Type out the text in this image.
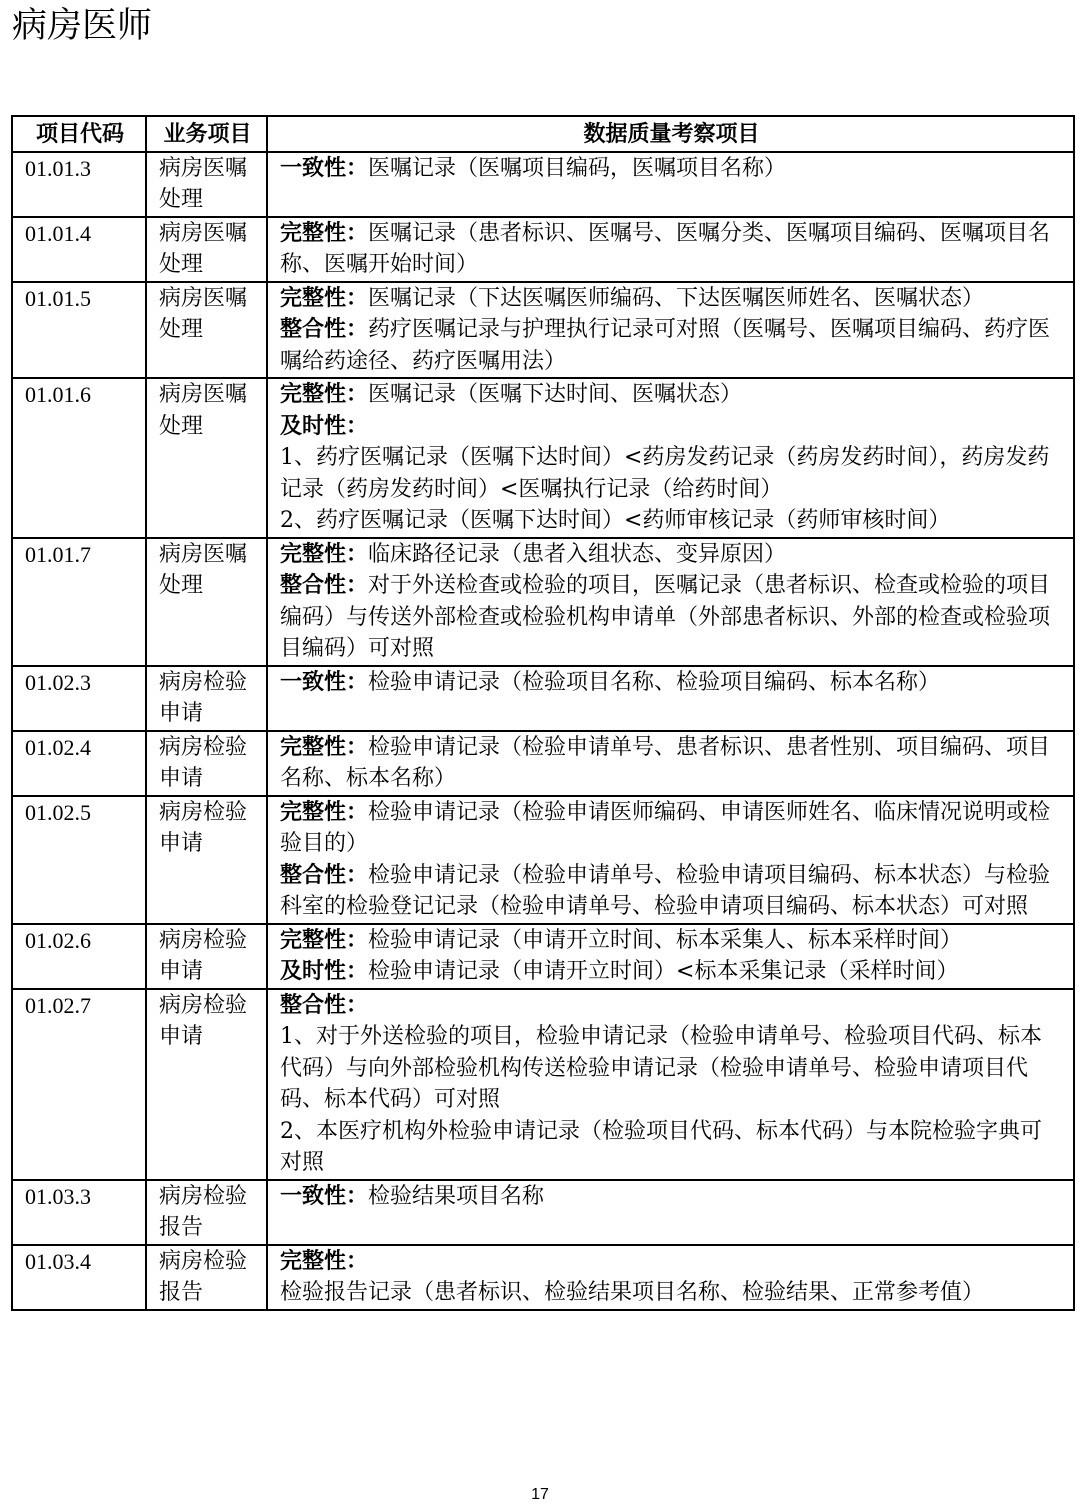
病房医师
项目代码	业务项目	数据质量考察项目
01.01.3	病房医嘱处理	一致性：医嘱记录（医嘱项目编码，医嘱项目名称）

01.01.4	病房医嘱处理	完整性：医嘱记录（患者标识、医嘱号、医嘱分类、医嘱项目编码、医嘱项目名称、医嘱开始时间）

01.01.5	病房医嘱处理	完整性：医嘱记录（下达医嘱医师编码、下达医嘱医师姓名、医嘱状态）
整合性：药疗医嘱记录与护理执行记录可对照（医嘱号、医嘱项目编码、药疗医嘱给药途径、药疗医嘱用法）

01.01.6	病房医嘱处理	完整性：医嘱记录（医嘱下达时间、医嘱状态）
及时性：
1、药疗医嘱记录（医嘱下达时间）<药房发药记录（药房发药时间），药房发药记录（药房发药时间）<医嘱执行记录（给药时间）
2、药疗医嘱记录（医嘱下达时间）<药师审核记录（药师审核时间）

01.01.7	病房医嘱处理	完整性：临床路径记录（患者入组状态、变异原因）
整合性：对于外送检查或检验的项目，医嘱记录（患者标识、检查或检验的项目编码）与传送外部检查或检验机构申请单（外部患者标识、外部的检查或检验项目编码）可对照

01.02.3	病房检验申请	一致性：检验申请记录（检验项目名称、检验项目编码、标本名称）

01.02.4	病房检验申请	完整性：检验申请记录（检验申请单号、患者标识、患者性别、项目编码、项目名称、标本名称）

01.02.5	病房检验申请	完整性：检验申请记录（检验申请医师编码、申请医师姓名、临床情况说明或检验目的）
整合性：检验申请记录（检验申请单号、检验申请项目编码、标本状态）与检验科室的检验登记记录（检验申请单号、检验申请项目编码、标本状态）可对照

01.02.6	病房检验申请	完整性：检验申请记录（申请开立时间、标本采集人、标本采样时间）
及时性：检验申请记录（申请开立时间）<标本采集记录（采样时间）

01.02.7	病房检验申请	整合性：
1、对于外送检验的项目，检验申请记录（检验申请单号、检验项目代码、标本代码）与向外部检验机构传送检验申请记录（检验申请单号、检验申请项目代码、标本代码）可对照
2、本医疗机构外检验申请记录（检验项目代码、标本代码）与本院检验字典可对照

01.03.3	病房检验报告	一致性：检验结果项目名称

01.03.4	病房检验报告	完整性：检验报告记录（患者标识、检验结果项目名称、检验结果、正常参考值）
17
